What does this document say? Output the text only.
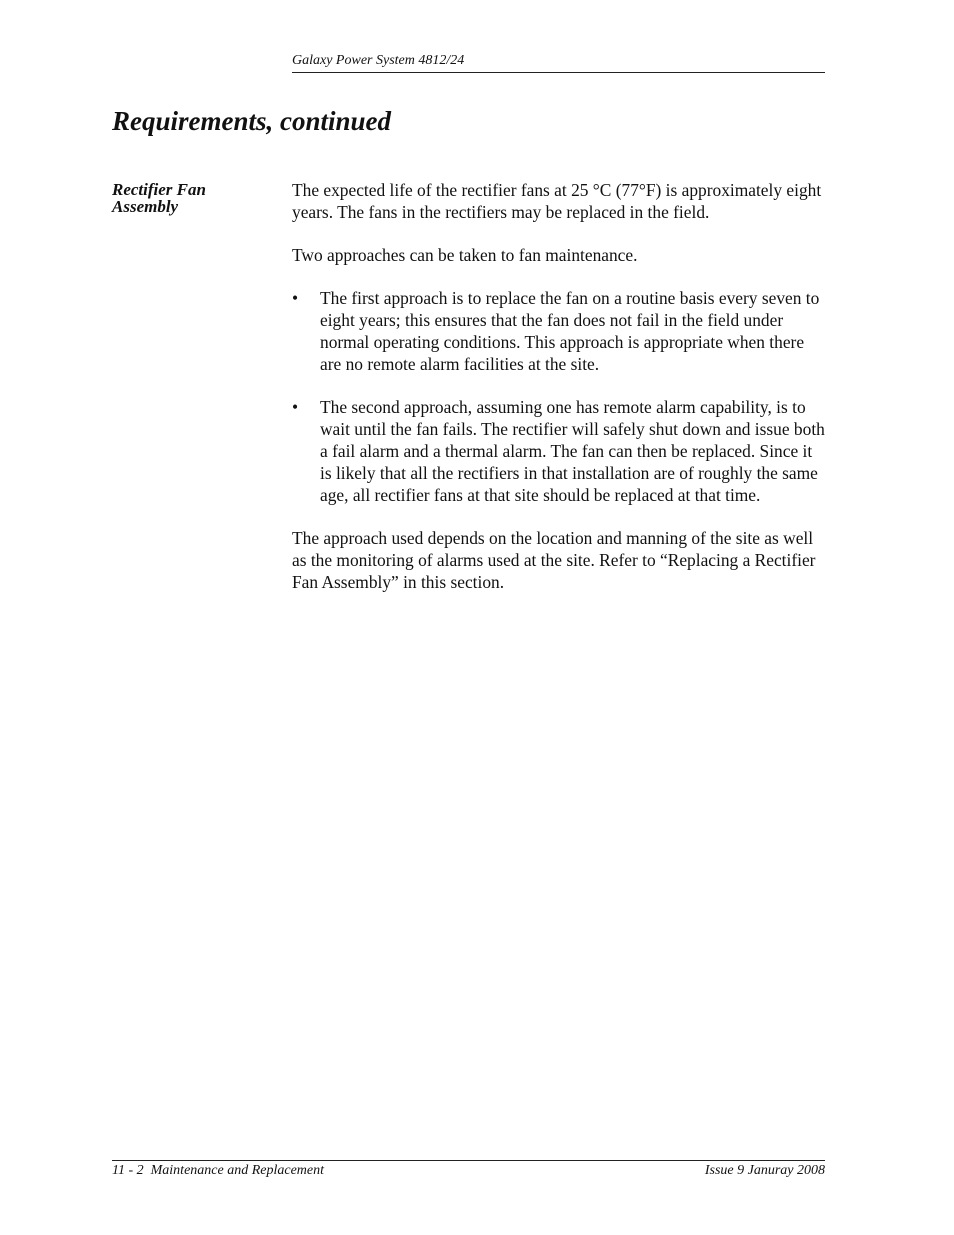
Galaxy Power System 4812/24
Requirements, continued
Rectifier Fan
Assembly

The expected life of the rectifier fans at 25 °C (77°F) is approximately eight years. The fans in the rectifiers may be replaced in the field.

Two approaches can be taken to fan maintenance.

• The first approach is to replace the fan on a routine basis every seven to eight years; this ensures that the fan does not fail in the field under normal operating conditions. This approach is appropriate when there are no remote alarm facilities at the site.
• The second approach, assuming one has remote alarm capability, is to wait until the fan fails. The rectifier will safely shut down and issue both a fail alarm and a thermal alarm. The fan can then be replaced. Since it is likely that all the rectifiers in that installation are of roughly the same age, all rectifier fans at that site should be replaced at that time.

The approach used depends on the location and manning of the site as well as the monitoring of alarms used at the site. Refer to “Replacing a Rectifier Fan Assembly” in this section.

11 - 2  Maintenance and Replacement	Issue 9 Januray 2008
